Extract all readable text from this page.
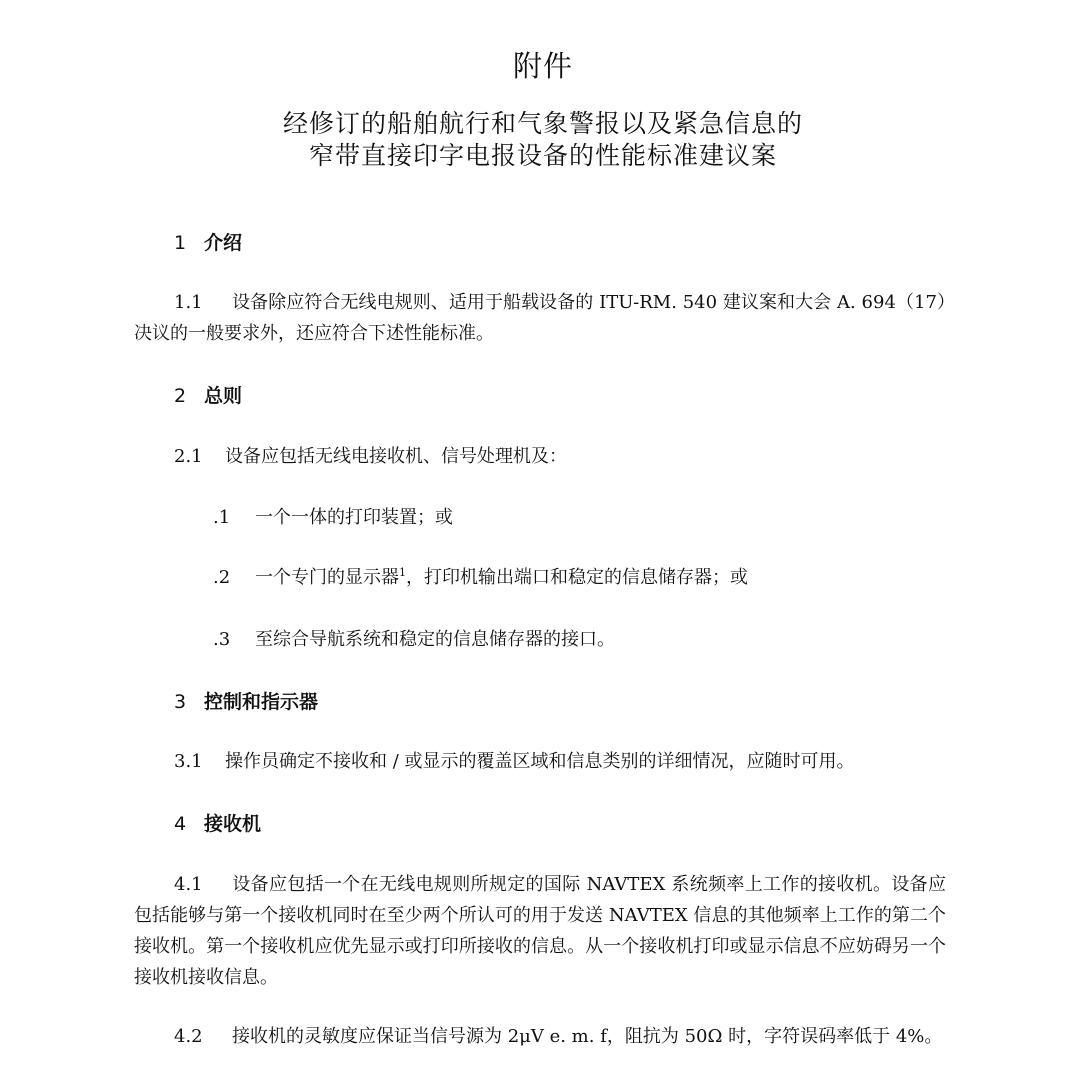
附件
经修订的船舶航行和气象警报以及紧急信息的
窄带直接印字电报设备的性能标准建议案
1 介绍
1.1 设备除应符合无线电规则、适用于船载设备的 ITU-RM. 540 建议案和大会 A. 694（17）决议的一般要求外，还应符合下述性能标准。
2 总则
2.1 设备应包括无线电接收机、信号处理机及：
.1 一个一体的打印装置；或
.2 一个专门的显示器$^1$，打印机输出端口和稳定的信息储存器；或
.3 至综合导航系统和稳定的信息储存器的接口。
3 控制和指示器
3.1 操作员确定不接收和 / 或显示的覆盖区域和信息类别的详细情况，应随时可用。
4 接收机
4.1 设备应包括一个在无线电规则所规定的国际 NAVTEX 系统频率上工作的接收机。设备应包括能够与第一个接收机同时在至少两个所认可的用于发送 NAVTEX 信息的其他频率上工作的第二个接收机。第一个接收机应优先显示或打印所接收的信息。从一个接收机打印或显示信息不应妨碍另一个接收机接收信息。
4.2 接收机的灵敏度应保证当信号源为 2μV e. m. f，阻抗为 50Ω 时，字符误码率低于 4%。
